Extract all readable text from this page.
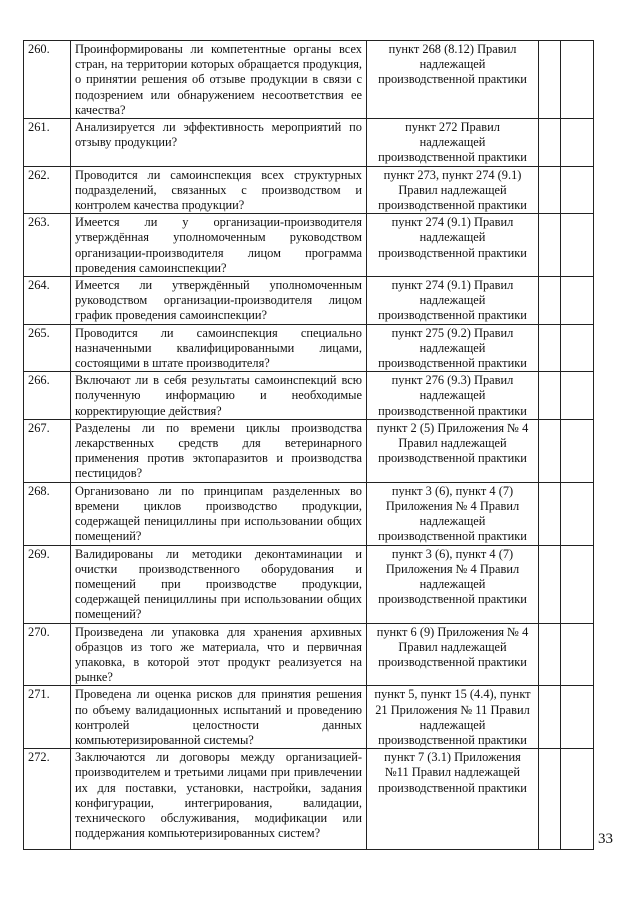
260.	Проинформированы ли компетентные органы всех стран, на территории которых обращается продукция, о принятии решения об отзыве продукции в связи с подозрением или обнаружением несоответствия ее качества?	пункт 268 (8.12) Правил надлежащей производственной практики		
261.	Анализируется ли эффективность мероприятий по отзыву продукции?	пункт 272 Правил надлежащей производственной практики		
262.	Проводится ли самоинспекция всех структурных подразделений, связанных с производством и контролем качества продукции?	пункт 273, пункт 274 (9.1) Правил надлежащей производственной практики		
263.	Имеется ли у организации-производителя утверждённая уполномоченным руководством организации-производителя лицом программа проведения самоинспекции?	пункт 274 (9.1) Правил надлежащей производственной практики		
264.	Имеется ли утверждённый уполномоченным руководством организации-производителя лицом график проведения самоинспекции?	пункт 274 (9.1) Правил надлежащей производственной практики		
265.	Проводится ли самоинспекция специально назначенными квалифицированными лицами, состоящими в штате производителя?	пункт 275 (9.2) Правил надлежащей производственной практики		
266.	Включают ли в себя результаты самоинспекций всю полученную информацию и необходимые корректирующие действия?	пункт 276 (9.3) Правил надлежащей производственной практики		
267.	Разделены ли по времени циклы производства лекарственных средств для ветеринарного применения против эктопаразитов и производства пестицидов?	пункт 2 (5) Приложения № 4 Правил надлежащей производственной практики		
268.	Организовано ли по принципам разделенных во времени циклов производство продукции, содержащей пенициллины при использовании общих помещений?	пункт 3 (6), пункт 4 (7) Приложения № 4 Правил надлежащей производственной практики		
269.	Валидированы ли методики деконтаминации и очистки производственного оборудования и помещений при производстве продукции, содержащей пенициллины при использовании общих помещений?	пункт 3 (6), пункт 4 (7) Приложения № 4 Правил надлежащей производственной практики		
270.	Произведена ли упаковка для хранения архивных образцов из того же материала, что и первичная упаковка, в которой этот продукт реализуется на рынке?	пункт 6 (9) Приложения № 4 Правил надлежащей производственной практики		
271.	Проведена ли оценка рисков для принятия решения по объему валидационных испытаний и проведению контролей целостности данных компьютеризированной системы?	пункт 5, пункт 15 (4.4), пункт 21 Приложения № 11 Правил надлежащей производственной практики		
272.	Заключаются ли договоры между организацией-производителем и третьими лицами при привлечении их для поставки, установки, настройки, задания конфигурации, интегрирования, валидации, технического обслуживания, модификации или поддержания компьютеризированных систем?	пункт 7 (3.1) Приложения №11 Правил надлежащей производственной практики		
33
